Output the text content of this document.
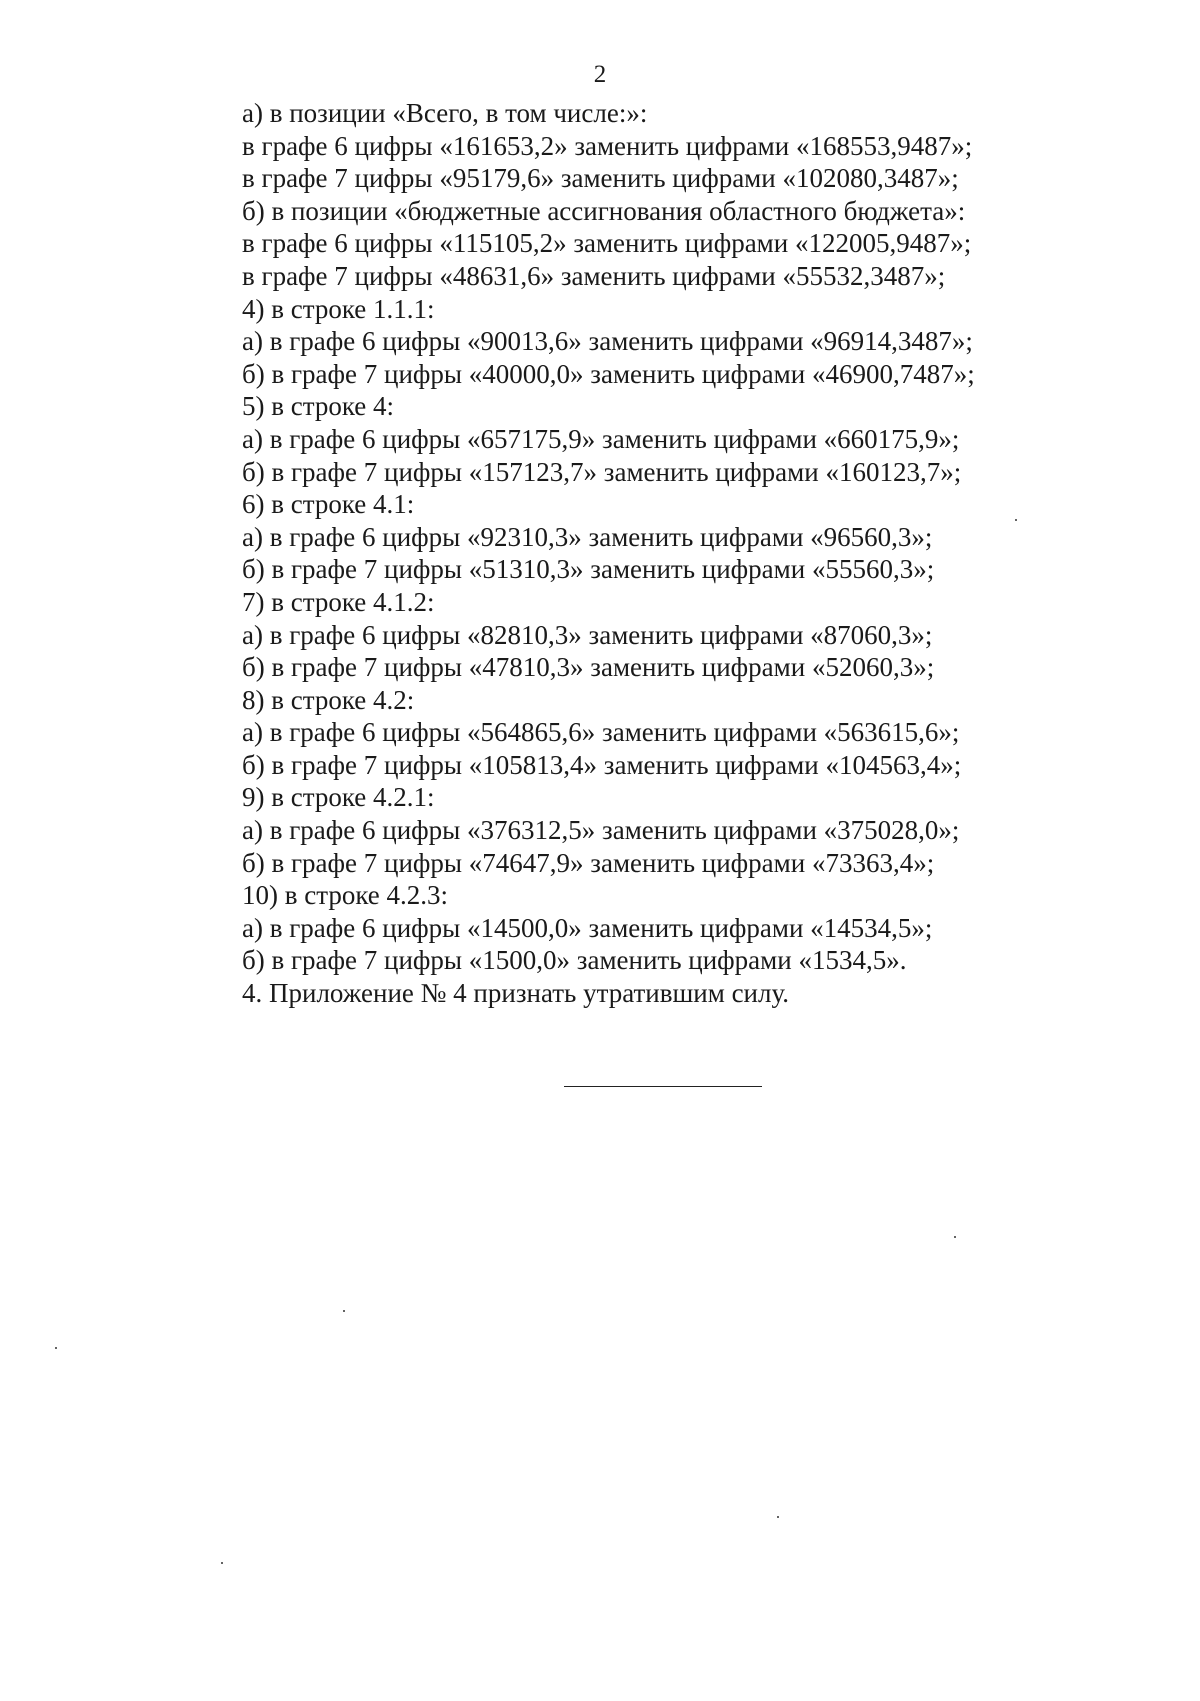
2
а) в позиции «Всего, в том числе:»:
в графе 6 цифры «161653,2» заменить цифрами «168553,9487»;
в графе 7 цифры «95179,6» заменить цифрами «102080,3487»;
б) в позиции «бюджетные ассигнования областного бюджета»:
в графе 6 цифры «115105,2» заменить цифрами «122005,9487»;
в графе 7 цифры «48631,6» заменить цифрами «55532,3487»;
4) в строке 1.1.1:
а) в графе 6 цифры «90013,6» заменить цифрами «96914,3487»;
б) в графе 7 цифры «40000,0» заменить цифрами «46900,7487»;
5) в строке 4:
а) в графе 6 цифры «657175,9» заменить цифрами «660175,9»;
б) в графе 7 цифры «157123,7» заменить цифрами «160123,7»;
6) в строке 4.1:
а) в графе 6 цифры «92310,3» заменить цифрами «96560,3»;
б) в графе 7 цифры «51310,3» заменить цифрами «55560,3»;
7) в строке 4.1.2:
а) в графе 6 цифры «82810,3» заменить цифрами «87060,3»;
б) в графе 7 цифры «47810,3» заменить цифрами «52060,3»;
8) в строке 4.2:
а) в графе 6 цифры «564865,6» заменить цифрами «563615,6»;
б) в графе 7 цифры «105813,4» заменить цифрами «104563,4»;
9) в строке 4.2.1:
а) в графе 6 цифры «376312,5» заменить цифрами «375028,0»;
б) в графе 7 цифры «74647,9» заменить цифрами «73363,4»;
10) в строке 4.2.3:
а) в графе 6 цифры «14500,0» заменить цифрами «14534,5»;
б) в графе 7 цифры «1500,0» заменить цифрами «1534,5».
4. Приложение № 4 признать утратившим силу.
